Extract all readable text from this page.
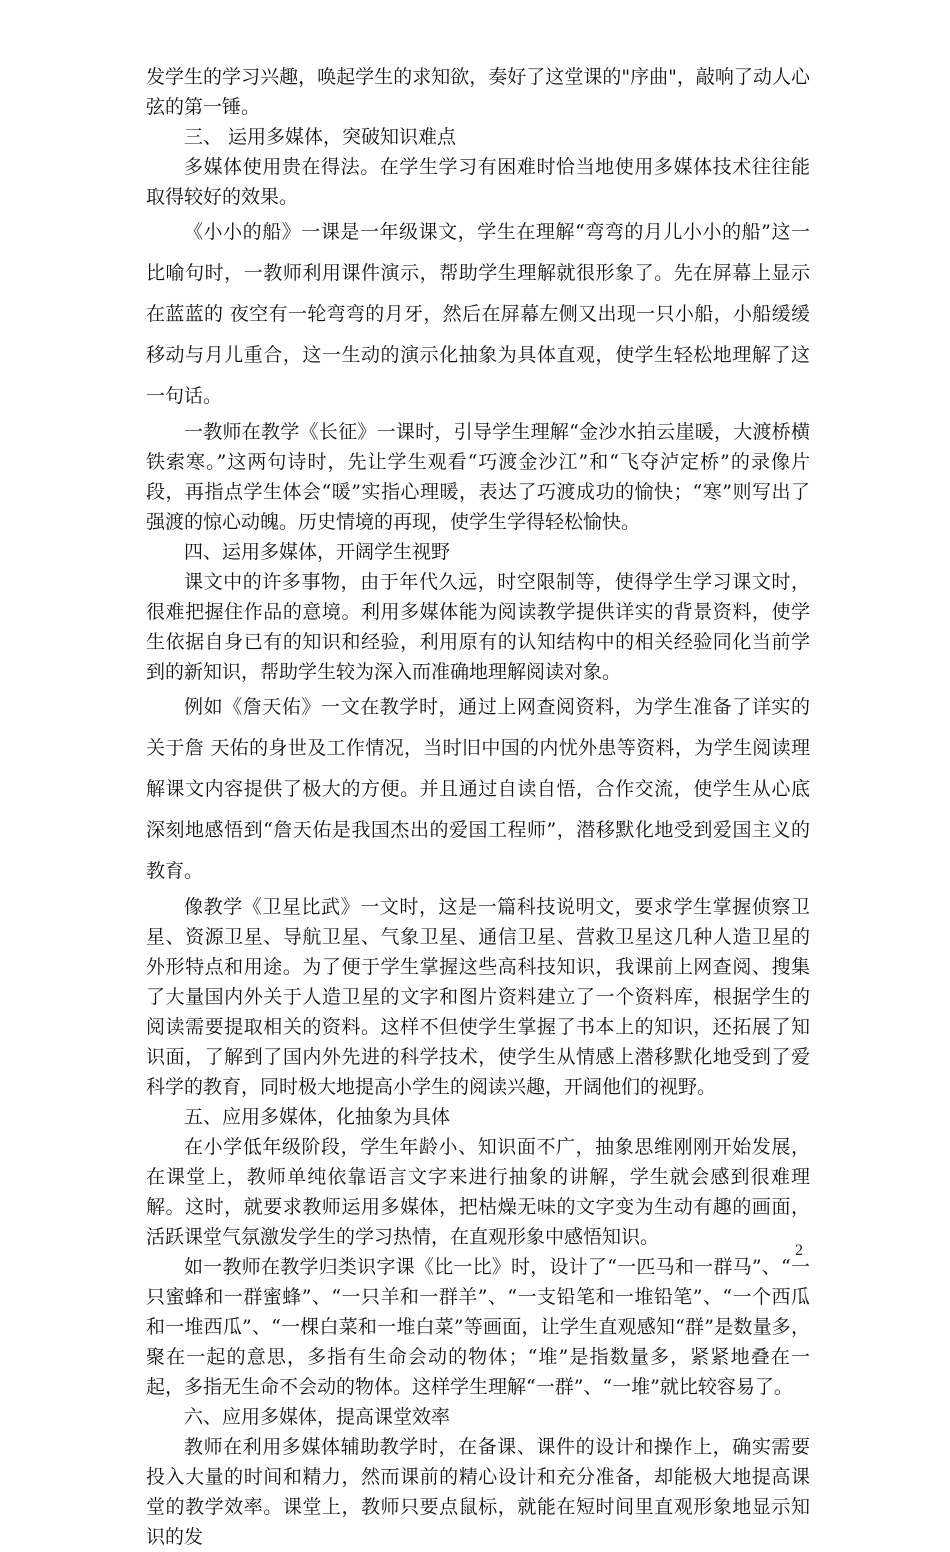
发学生的学习兴趣，唤起学生的求知欲，奏好了这堂课的"序曲"，敲响了动人心弦的第一锤。

三、 运用多媒体，突破知识难点

多媒体使用贵在得法。在学生学习有困难时恰当地使用多媒体技术往往能取得较好的效果。

《小小的船》一课是一年级课文，学生在理解“弯弯的月儿小小的船”这一比喻句时，一教师利用课件演示，帮助学生理解就很形象了。先在屏幕上显示在蓝蓝的 夜空有一轮弯弯的月牙，然后在屏幕左侧又出现一只小船，小船缓缓移动与月儿重合，这一生动的演示化抽象为具体直观，使学生轻松地理解了这一句话。

一教师在教学《长征》一课时，引导学生理解“金沙水拍云崖暖，大渡桥横铁索寒。”这两句诗时，先让学生观看“巧渡金沙江”和“飞夺泸定桥”的录像片段，再指点学生体会“暖”实指心理暖，表达了巧渡成功的愉快；“寒”则写出了强渡的惊心动魄。历史情境的再现，使学生学得轻松愉快。

四、运用多媒体，开阔学生视野

课文中的许多事物，由于年代久远，时空限制等，使得学生学习课文时，很难把握住作品的意境。利用多媒体能为阅读教学提供详实的背景资料，使学生依据自身已有的知识和经验，利用原有的认知结构中的相关经验同化当前学到的新知识，帮助学生较为深入而准确地理解阅读对象。

例如《詹天佑》一文在教学时，通过上网查阅资料，为学生准备了详实的关于詹 天佑的身世及工作情况，当时旧中国的内忧外患等资料，为学生阅读理解课文内容提供了极大的方便。并且通过自读自悟，合作交流，使学生从心底深刻地感悟到“詹天佑是我国杰出的爱国工程师”，潜移默化地受到爱国主义的教育。

像教学《卫星比武》一文时，这是一篇科技说明文，要求学生掌握侦察卫星、资源卫星、导航卫星、气象卫星、通信卫星、营救卫星这几种人造卫星的外形特点和用途。为了便于学生掌握这些高科技知识，我课前上网查阅、搜集了大量国内外关于人造卫星的文字和图片资料建立了一个资料库，根据学生的阅读需要提取相关的资料。这样不但使学生掌握了书本上的知识，还拓展了知识面，了解到了国内外先进的科学技术，使学生从情感上潜移默化地受到了爱科学的教育，同时极大地提高小学生的阅读兴趣，开阔他们的视野。

五、应用多媒体，化抽象为具体

在小学低年级阶段，学生年龄小、知识面不广，抽象思维刚刚开始发展，在课堂上，教师单纯依靠语言文字来进行抽象的讲解，学生就会感到很难理解。这时，就要求教师运用多媒体，把枯燥无味的文字变为生动有趣的画面，活跃课堂气氛激发学生的学习热情，在直观形象中感悟知识。

如一教师在教学归类识字课《比一比》时，设计了“一匹马和一群马”、“一只蜜蜂和一群蜜蜂”、“一只羊和一群羊”、“一支铅笔和一堆铅笔”、“一个西瓜和一堆西瓜”、“一棵白菜和一堆白菜”等画面，让学生直观感知“群”是数量多，聚在一起的意思，多指有生命会动的物体；“堆”是指数量多，紧紧地叠在一起，多指无生命不会动的物体。这样学生理解“一群”、“一堆”就比较容易了。

六、应用多媒体，提高课堂效率

教师在利用多媒体辅助教学时，在备课、课件的设计和操作上，确实需要投入大量的时间和精力，然而课前的精心设计和充分准备，却能极大地提高课堂的教学效率。课堂上，教师只要点鼠标，就能在短时间里直观形象地显示知识的发

2
